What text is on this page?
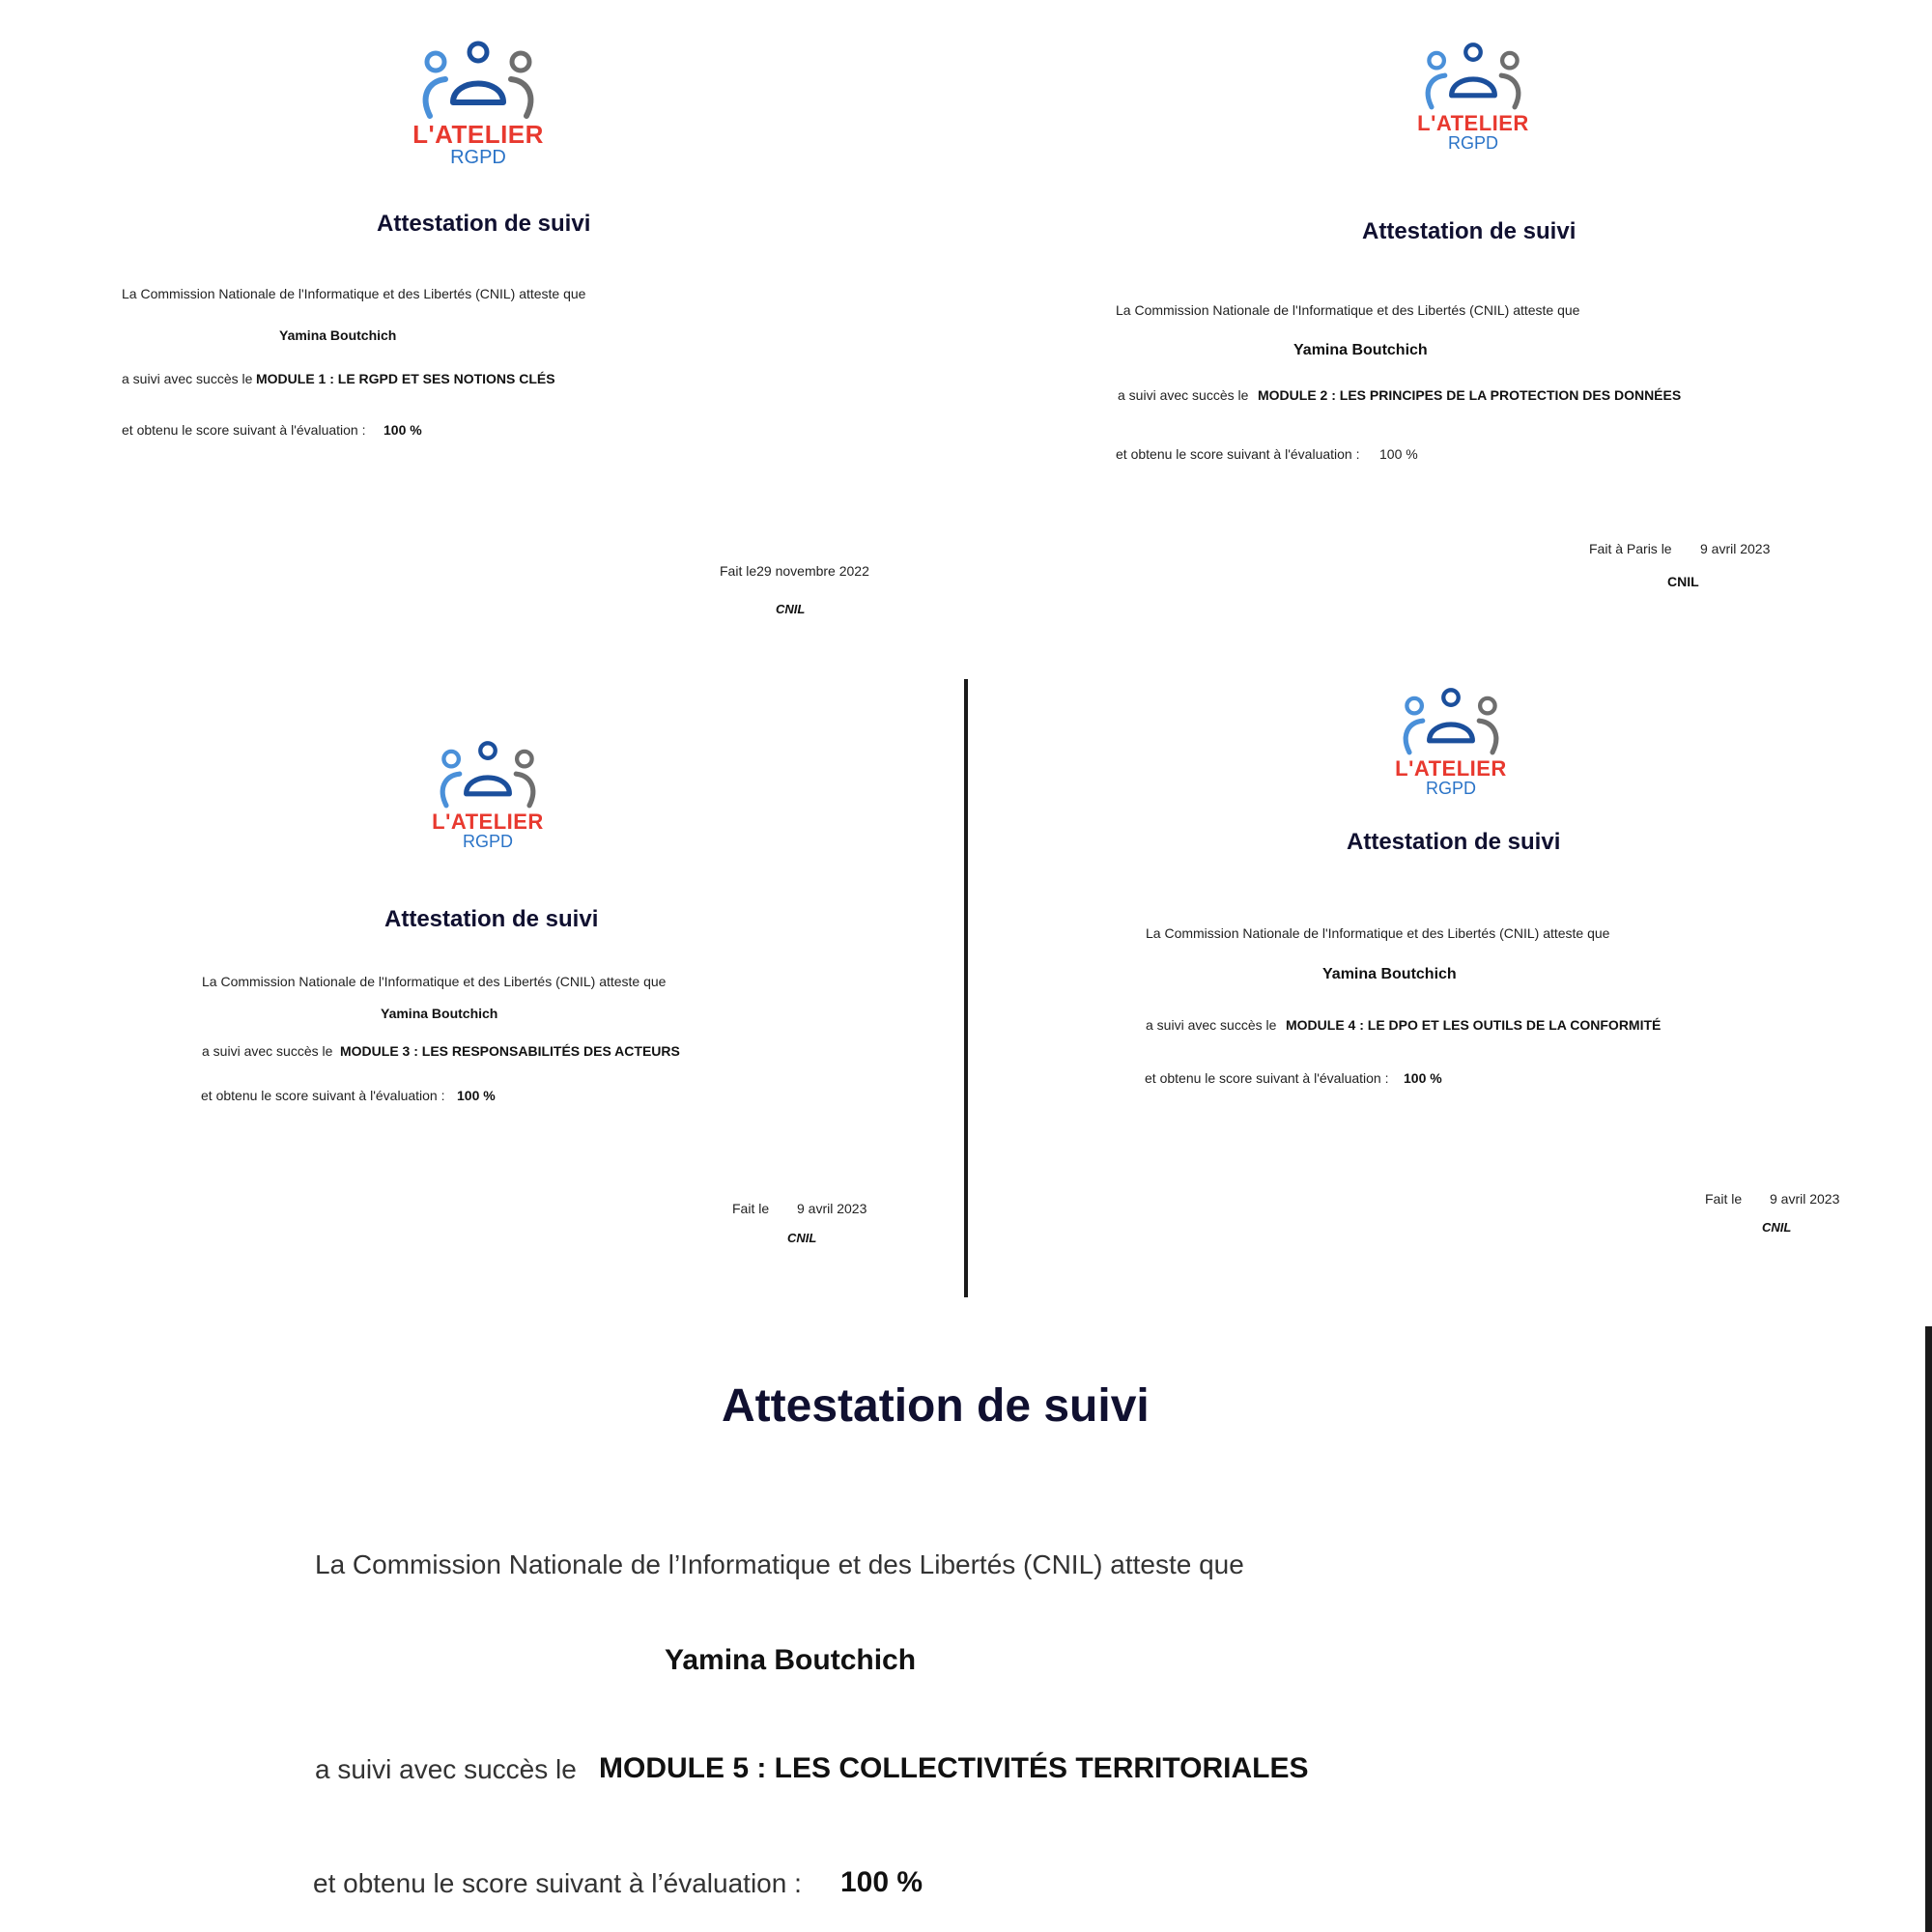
L'ATELIER
RGPD
Attestation de suivi
La Commission Nationale de l'Informatique et des Libertés (CNIL) atteste que
Yamina Boutchich
a suivi avec succès le MODULE 1 : LE RGPD ET SES NOTIONS CLÉS
et obtenu le score suivant à l'évaluation : 100 %
Fait le29 novembre 2022
CNIL
L'ATELIER
RGPD
Attestation de suivi
La Commission Nationale de l'Informatique et des Libertés (CNIL) atteste que
Yamina Boutchich
a suivi avec succès le MODULE 2 : LES PRINCIPES DE LA PROTECTION DES DONNÉES
et obtenu le score suivant à l'évaluation : 100 %
Fait à Paris le 9 avril 2023
CNIL
L'ATELIER
RGPD
Attestation de suivi
La Commission Nationale de l'Informatique et des Libertés (CNIL) atteste que
Yamina Boutchich
a suivi avec succès le MODULE 3 : LES RESPONSABILITÉS DES ACTEURS
et obtenu le score suivant à l'évaluation : 100 %
Fait le 9 avril 2023
CNIL
L'ATELIER
RGPD
Attestation de suivi
La Commission Nationale de l'Informatique et des Libertés (CNIL) atteste que
Yamina Boutchich
a suivi avec succès le MODULE 4 : LE DPO ET LES OUTILS DE LA CONFORMITÉ
et obtenu le score suivant à l'évaluation : 100 %
Fait le 9 avril 2023
CNIL
Attestation de suivi
La Commission Nationale de l’Informatique et des Libertés (CNIL) atteste que
Yamina Boutchich
a suivi avec succès le MODULE 5 : LES COLLECTIVITÉS TERRITORIALES
et obtenu le score suivant à l’évaluation : 100 %
